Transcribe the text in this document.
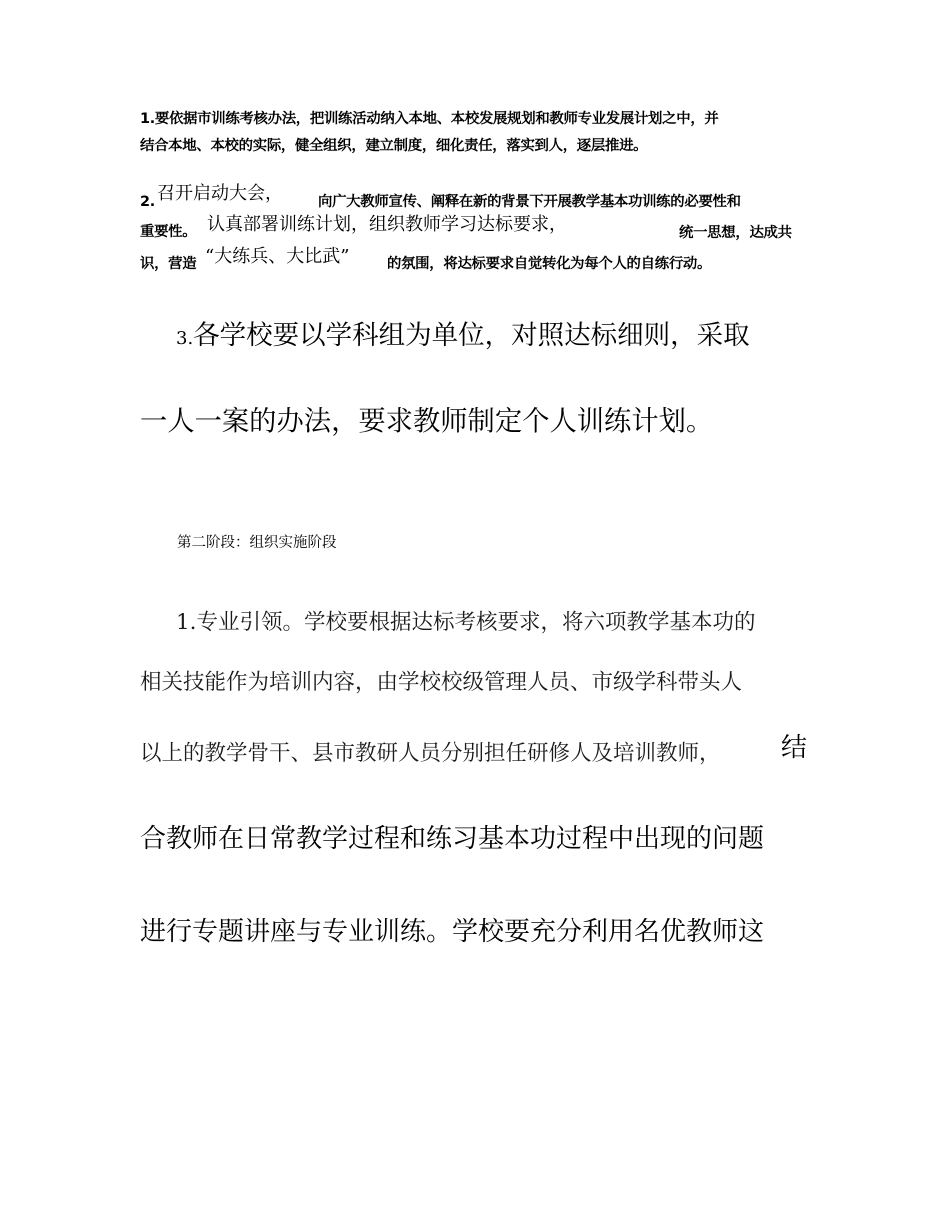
1.要依据市训练考核办法，把训练活动纳入本地、本校发展规划和教师专业发展计划之中，并
结合本地、本校的实际，健全组织，建立制度，细化责任，落实到人，逐层推进。
2. 召开启动大会， 向广大教师宣传、阐释在新的背景下开展教学基本功训练的必要性和
重要性。 认真部署训练计划，组织教师学习达标要求，	统一思想，达成共
识，营造 “大练兵、大比武”	的氛围，将达标要求自觉转化为每个人的自练行动。
3.各学校要以学科组为单位，对照达标细则，采取
一人一案的办法，要求教师制定个人训练计划。
第二阶段：组织实施阶段
1.专业引领。学校要根据达标考核要求，将六项教学基本功的
相关技能作为培训内容，由学校校级管理人员、市级学科带头人
以上的教学骨干、县市教研人员分别担任研修人及培训教师， 结
合教师在日常教学过程和练习基本功过程中出现的问题
进行专题讲座与专业训练。学校要充分利用名优教师这
